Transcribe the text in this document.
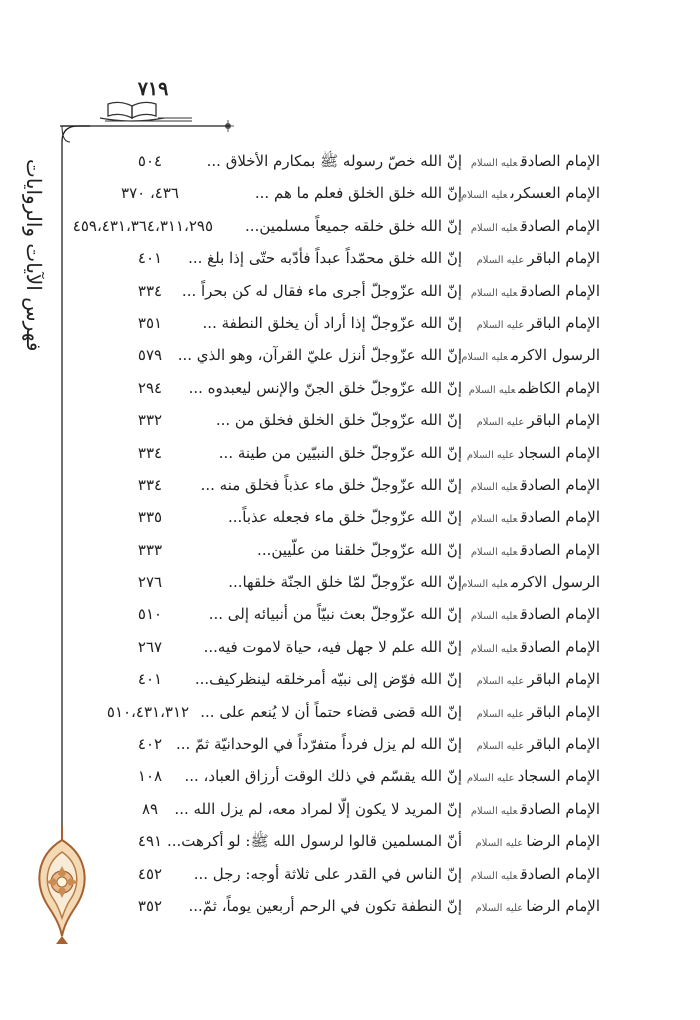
٧١٩
فهرس الآيات والروايات	الإمام الصادقعليه السلام
إنّ الله خصّ رسوله ﷺ بمكارم الأخلاق ...
٥٠٤
الإمام العسكرىعليه السلام
إنّ الله خلق الخلق فعلم ما هم ...
٤٣٦، ٣٧٠
الإمام الصادقعليه السلام
إنّ الله خلق خلقه جميعاً مسلمين...
٤٥٩،٤٣١،٣٦٤،٣١١،٢٩٥
الإمام الباقرعليه السلام
إنّ الله خلق محمّداً عبداً فأدّبه حتّى إذا بلغ ...
٤٠١
الإمام الصادقعليه السلام
إنّ الله عزّوجلّ أجرى ماء فقال له كن بحراً ...
٣٣٤
الإمام الباقرعليه السلام
إنّ الله عزّوجلّ إذا أراد أن يخلق النطفة ...
٣٥١
الرسول الاكرمعليه السلام
إنّ الله عزّوجلّ أنزل عليّ القرآن، وهو الذي ...
٥٧٩
الإمام الكاظمعليه السلام
إنّ الله عزّوجلّ خلق الجنّ والإنس ليعبدوه ...
٢٩٤
الإمام الباقرعليه السلام
إنّ الله عزّوجلّ خلق الخلق فخلق من ...
٣٣٢
الإمام السجادعليه السلام
إنّ الله عزّوجلّ خلق النبيّين من طينة ...
٣٣٤
الإمام الصادقعليه السلام
إنّ الله عزّوجلّ خلق ماء عذباً فخلق منه ...
٣٣٤
الإمام الصادقعليه السلام
إنّ الله عزّوجلّ خلق ماء فجعله عذباً...
٣٣٥
الإمام الصادقعليه السلام
إنّ الله عزّوجلّ خلقنا من علّيين...
٣٣٣
الرسول الاكرمعليه السلام
إنّ الله عزّوجلّ لمّا خلق الجنّة خلقها...
٢٧٦
الإمام الصادقعليه السلام
إنّ الله عزّوجلّ بعث نبيّاً من أنبيائه إلى ...
٥١٠
الإمام الصادقعليه السلام
إنّ الله علم لا جهل فيه، حياة لاموت فيه...
٢٦٧
الإمام الباقرعليه السلام
إنّ الله فوّض إلى نبيّه أمرخلقه لينظركيف...
٤٠١
الإمام الباقرعليه السلام
إنّ الله قضى قضاء حتماً أن لا يُنعم على ...
٥١٠،٤٣١،٣١٢
الإمام الباقرعليه السلام
إنّ الله لم يزل فرداً متفرّداً في الوحدانيّة ثمّ ...
٤٠٢
الإمام السجادعليه السلام
إنّ الله يقسّم في ذلك الوقت أرزاق العباد، ...
١٠٨
الإمام الصادقعليه السلام
إنّ المريد لا يكون إلّا لمراد معه، لم يزل الله ...
٨٩
الإمام الرضاعليه السلام
أنّ المسلمين قالوا لرسول الله ﷺ: لو أكرهت...
٤٩١
الإمام الصادقعليه السلام
إنّ الناس في القدر على ثلاثة أوجه: رجل ...
٤٥٢
الإمام الرضاعليه السلام
إنّ النطفة تكون في الرحم أربعين يوماً، ثمّ...
٣٥٢
